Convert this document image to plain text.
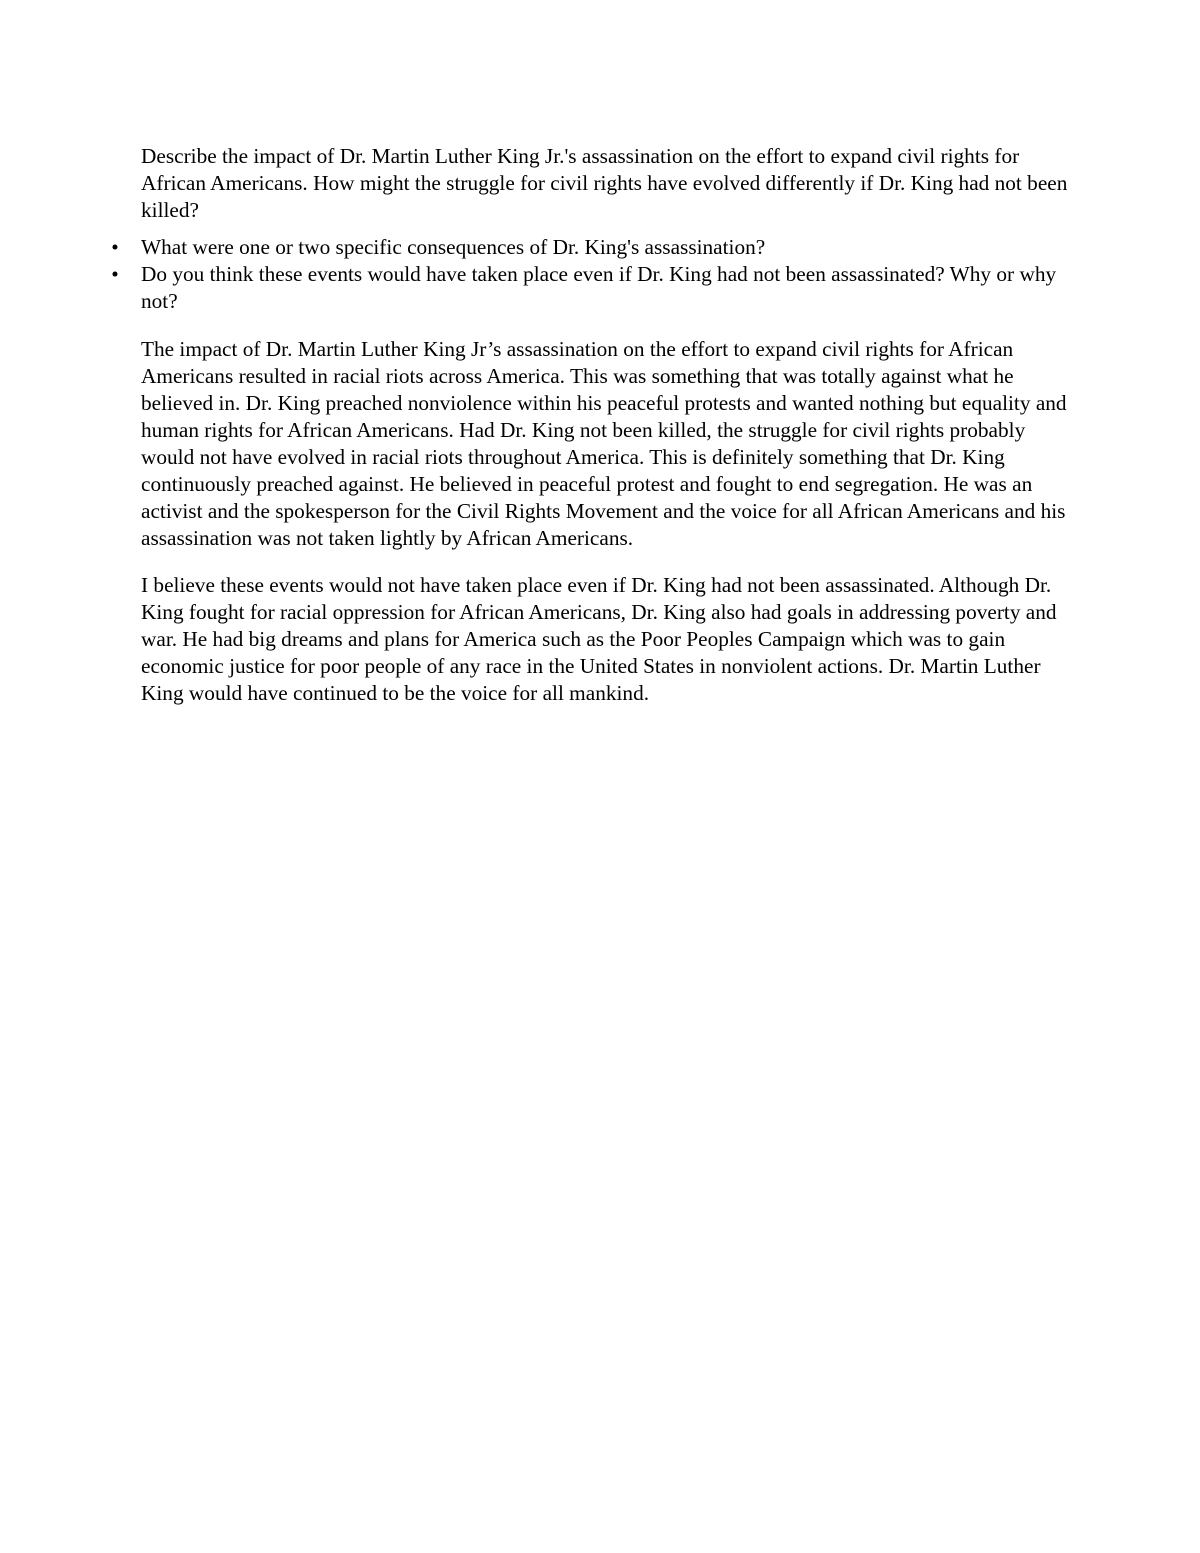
Describe the impact of Dr. Martin Luther King Jr.'s assassination on the effort to expand civil rights for African Americans. How might the struggle for civil rights have evolved differently if Dr. King had not been killed?

• What were one or two specific consequences of Dr. King's assassination?
• Do you think these events would have taken place even if Dr. King had not been assassinated? Why or why not?

The impact of Dr. Martin Luther King Jr’s assassination on the effort to expand civil rights for African Americans resulted in racial riots across America. This was something that was totally against what he believed in. Dr. King preached nonviolence within his peaceful protests and wanted nothing but equality and human rights for African Americans. Had Dr. King not been killed, the struggle for civil rights probably would not have evolved in racial riots throughout America. This is definitely something that Dr. King continuously preached against. He believed in peaceful protest and fought to end segregation. He was an activist and the spokesperson for the Civil Rights Movement and the voice for all African Americans and his assassination was not taken lightly by African Americans.

I believe these events would not have taken place even if Dr. King had not been assassinated. Although Dr. King fought for racial oppression for African Americans, Dr. King also had goals in addressing poverty and war. He had big dreams and plans for America such as the Poor Peoples Campaign which was to gain economic justice for poor people of any race in the United States in nonviolent actions. Dr. Martin Luther King would have continued to be the voice for all mankind.
